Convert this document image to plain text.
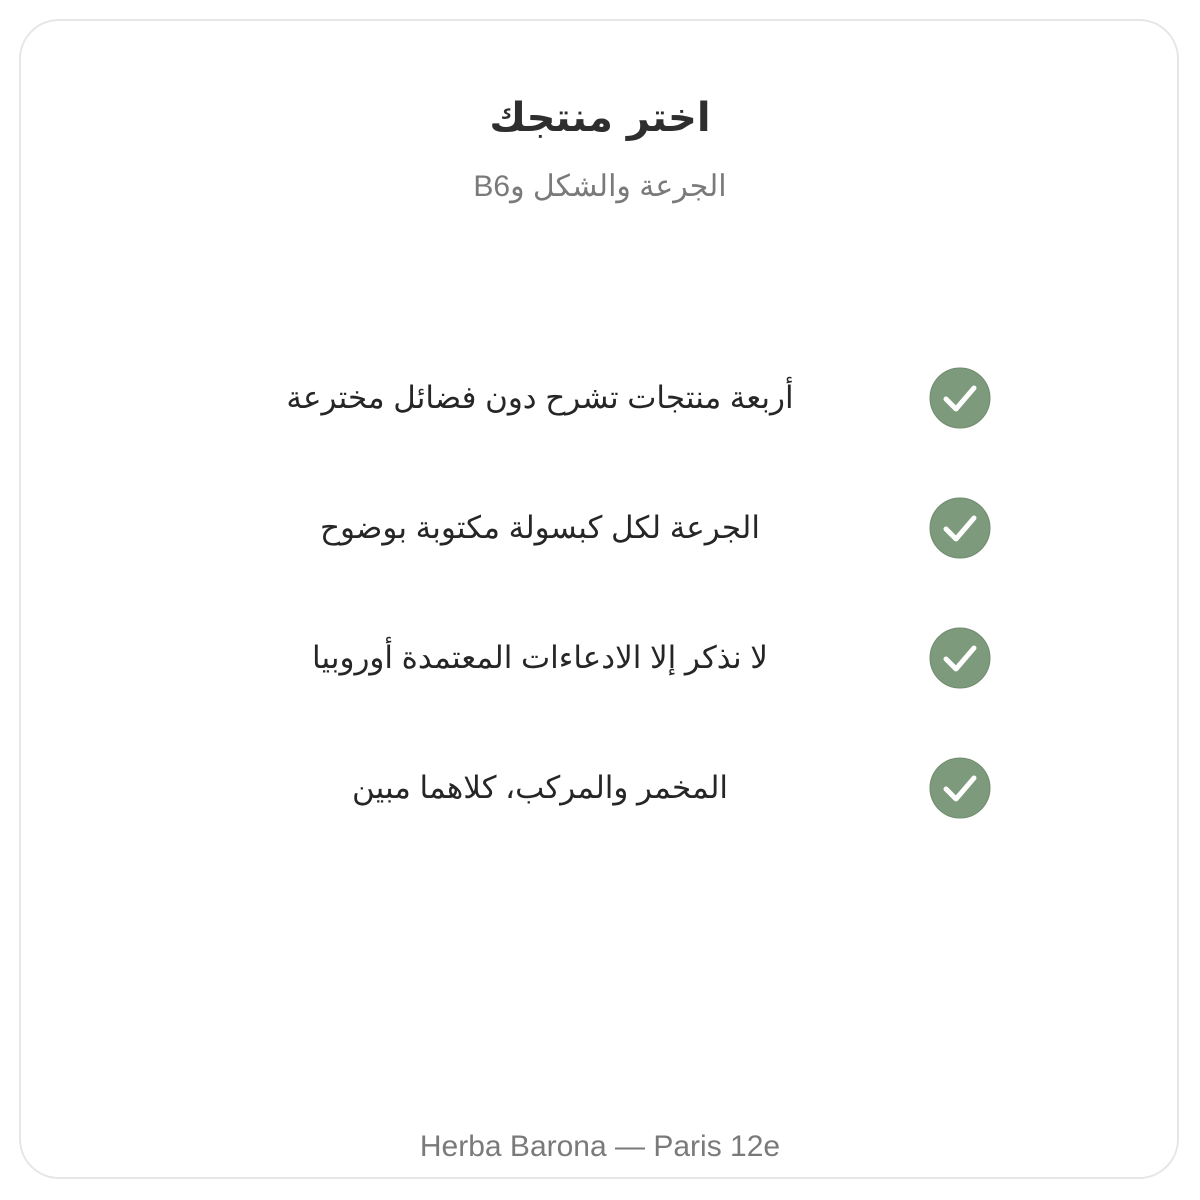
اختر منتجك
الجرعة والشكل وB6
أربعة منتجات تشرح دون فضائل مخترعة
الجرعة لكل كبسولة مكتوبة بوضوح
لا نذكر إلا الادعاءات المعتمدة أوروبيا
المخمر والمركب، كلاهما مبين
Herba Barona — Paris 12e
